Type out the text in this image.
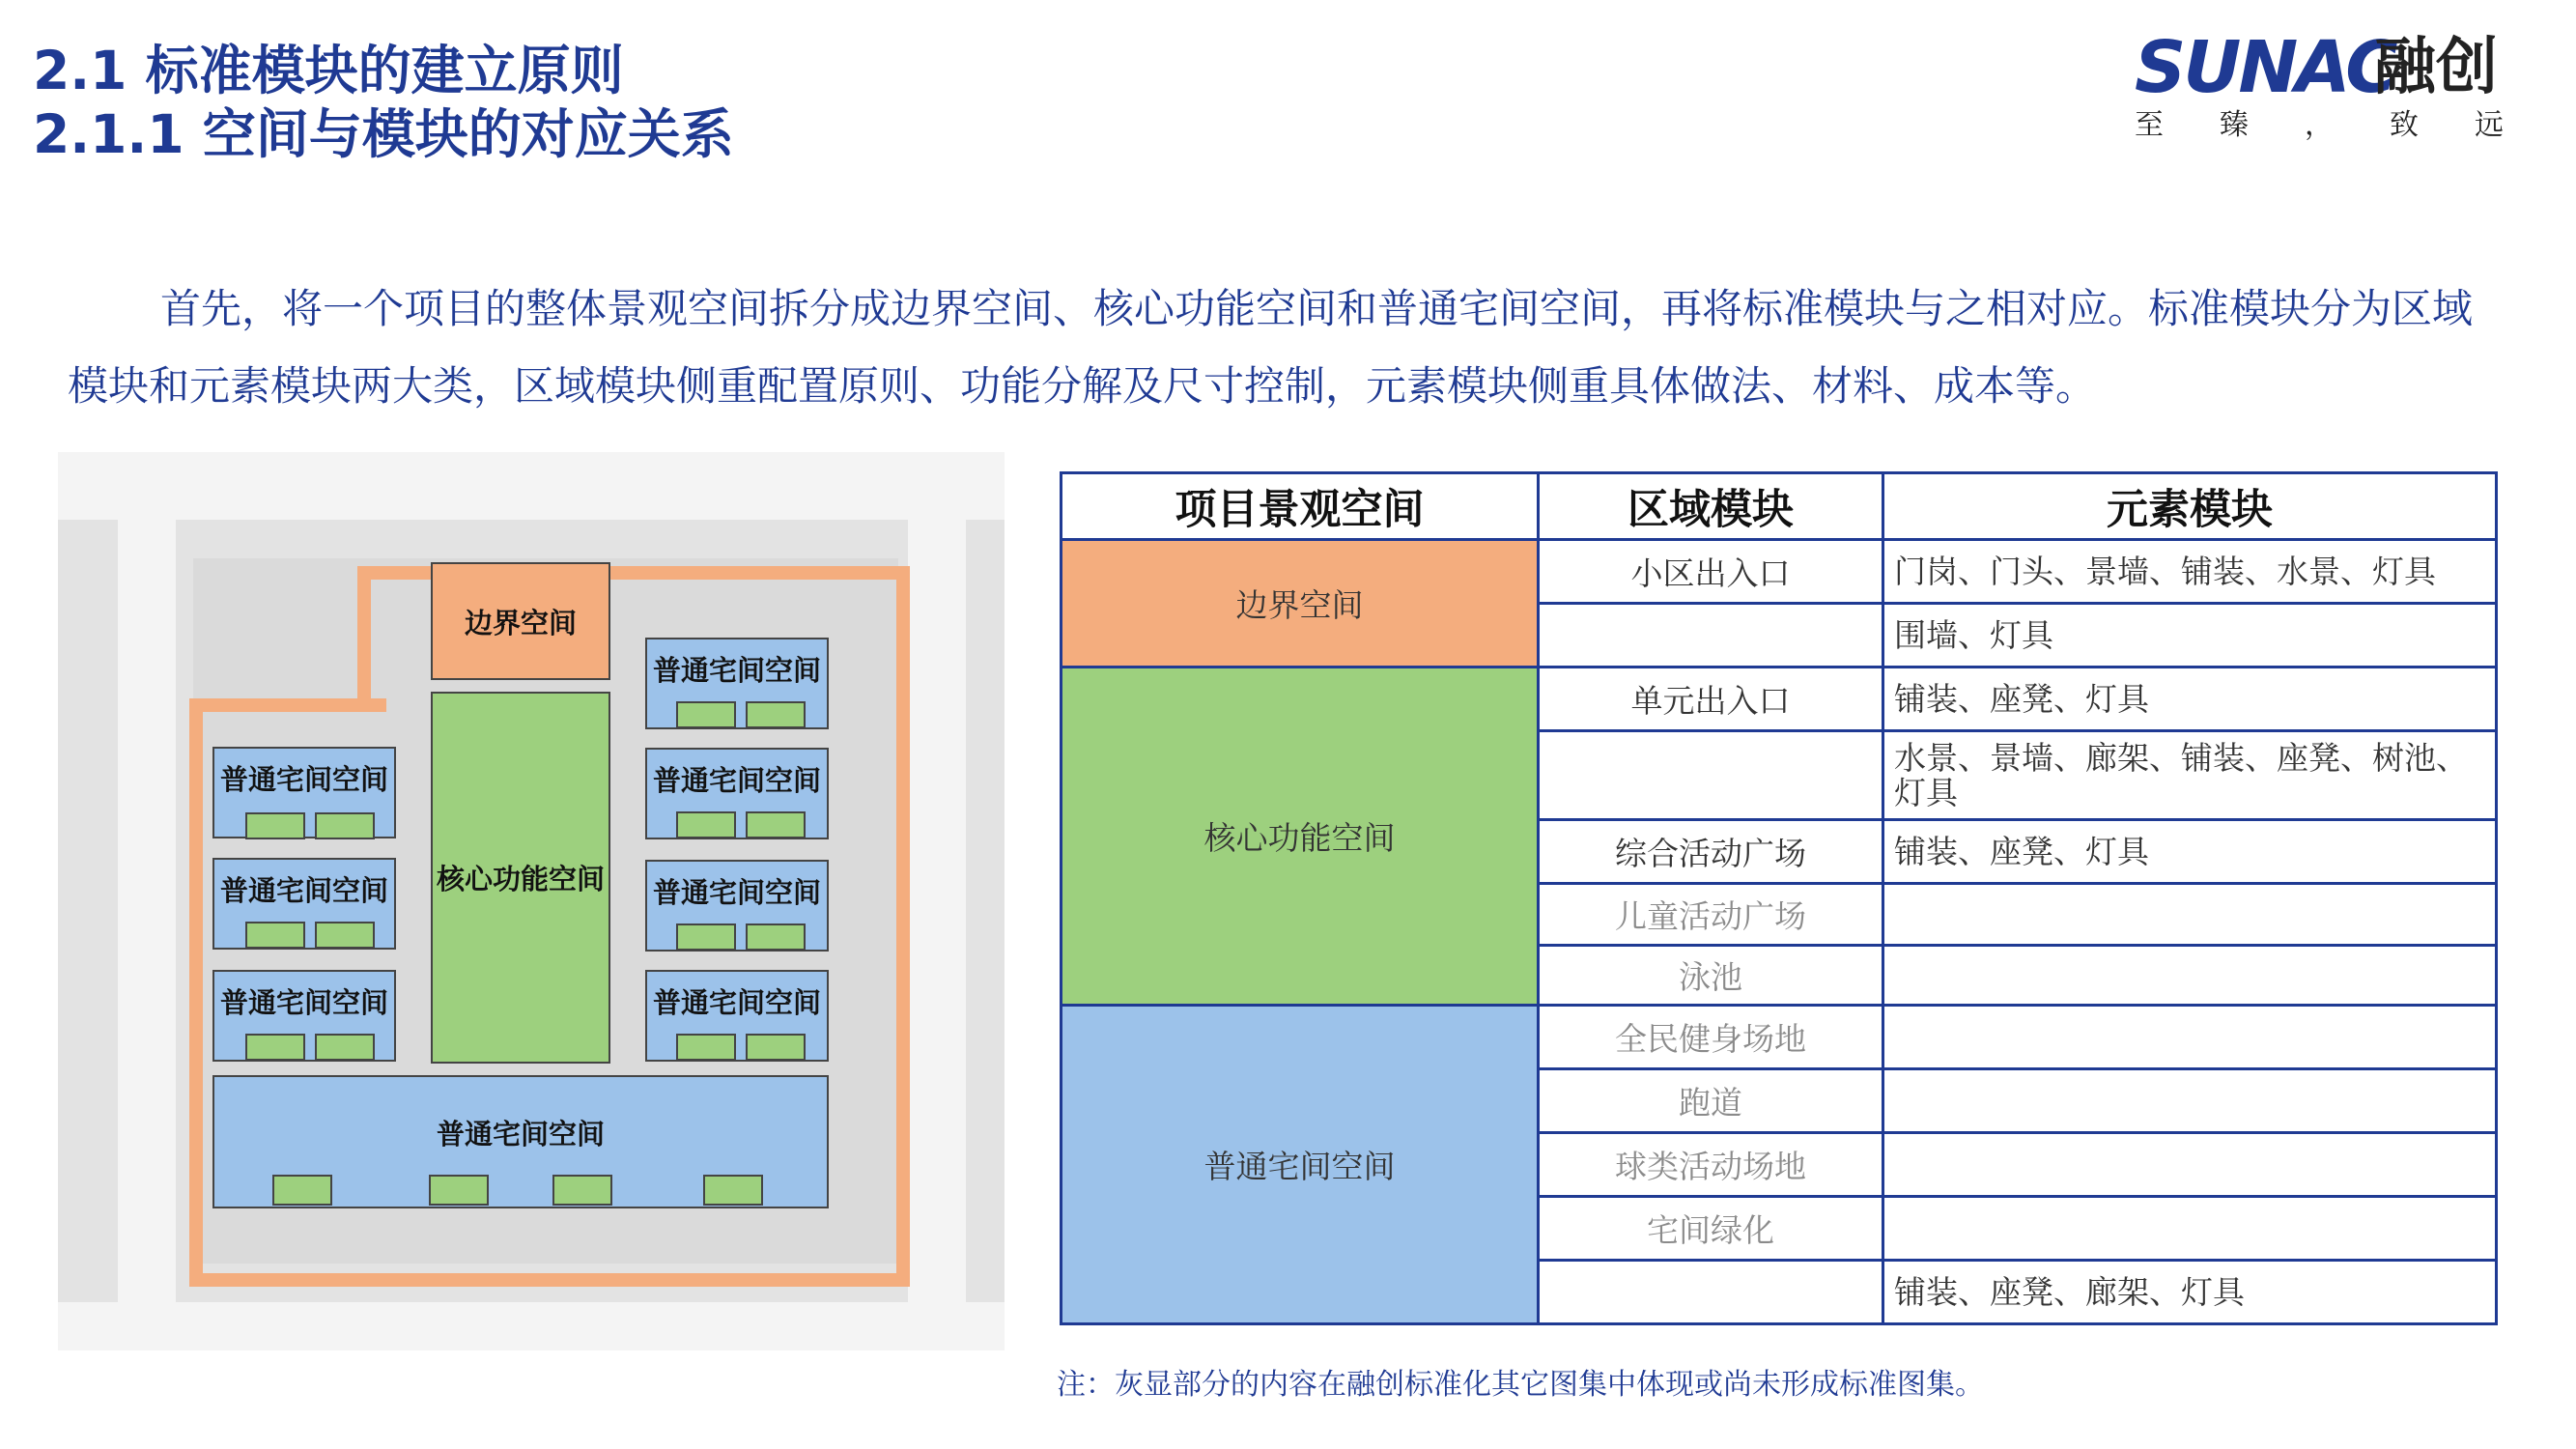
2.1 标准模块的建立原则
2.1.1 空间与模块的对应关系
SUNAC
融创
至臻，致远

首先，将一个项目的整体景观空间拆分成边界空间、核心功能空间和普通宅间空间，再将标准模块与之相对应。标准模块分为区域模块和元素模块两大类，区域模块侧重配置原则、功能分解及尺寸控制，元素模块侧重具体做法、材料、成本等。

边界空间
核心功能空间
普通宅间空间
普通宅间空间
普通宅间空间
普通宅间空间
普通宅间空间
普通宅间空间
普通宅间空间
普通宅间空间
项目景观空间	区域模块	元素模块
边界空间	小区出入口	门岗、门头、景墙、铺装、水景、灯具
		围墙、灯具
核心功能空间	单元出入口	铺装、座凳、灯具
		水景、景墙、廊架、铺装、座凳、树池、灯具
	综合活动广场	铺装、座凳、灯具
	儿童活动广场	
	泳池	
普通宅间空间	全民健身场地	
	跑道	
	球类活动场地	
	宅间绿化	
		铺装、座凳、廊架、灯具
注：灰显部分的内容在融创标准化其它图集中体现或尚未形成标准图集。
